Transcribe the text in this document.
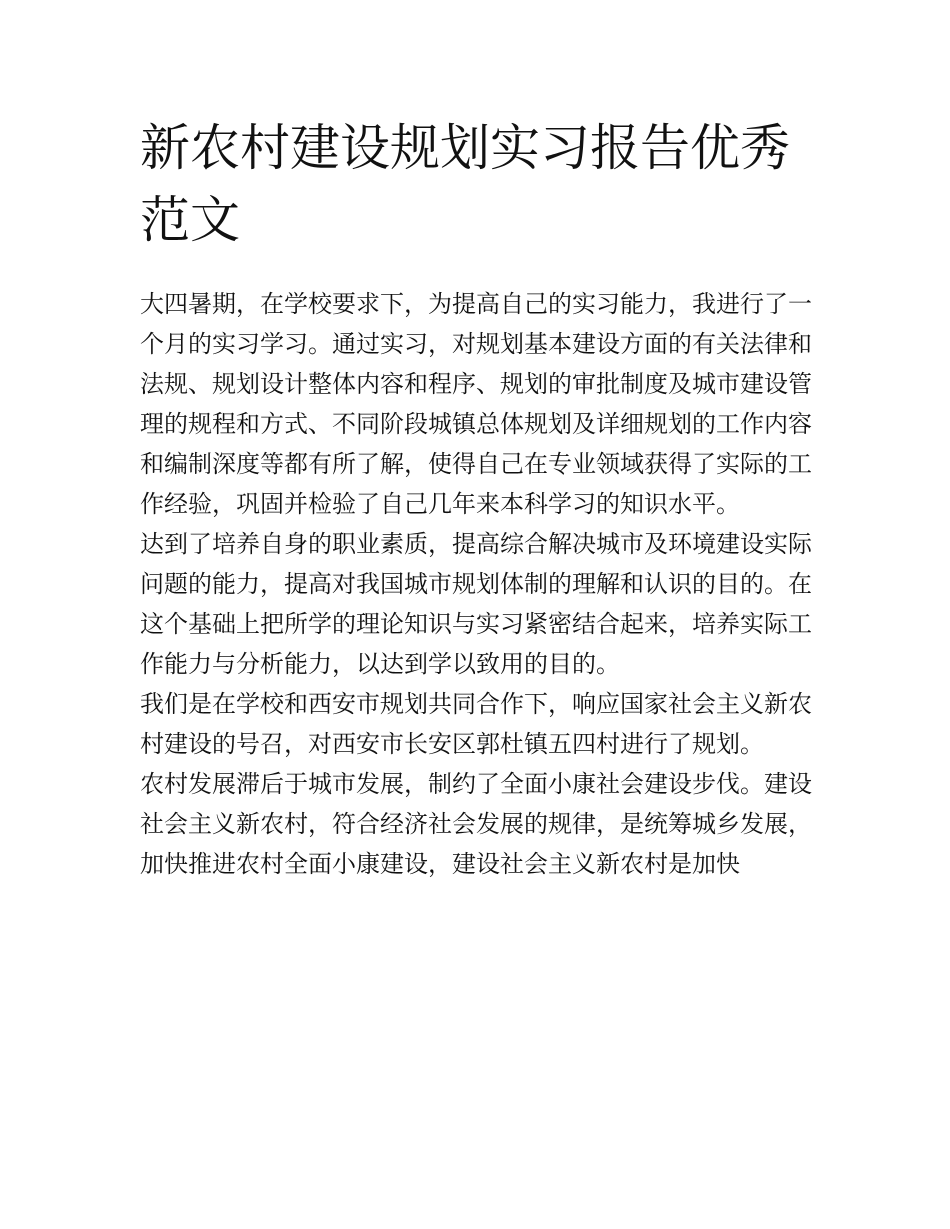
新农村建设规划实习报告优秀范文

大四暑期，在学校要求下，为提高自己的实习能力，我进行了一个月的实习学习。通过实习，对规划基本建设方面的有关法律和法规、规划设计整体内容和程序、规划的审批制度及城市建设管理的规程和方式、不同阶段城镇总体规划及详细规划的工作内容和编制深度等都有所了解，使得自己在专业领域获得了实际的工作经验，巩固并检验了自己几年来本科学习的知识水平。

达到了培养自身的职业素质，提高综合解决城市及环境建设实际问题的能力，提高对我国城市规划体制的理解和认识的目的。在这个基础上把所学的理论知识与实习紧密结合起来，培养实际工作能力与分析能力，以达到学以致用的目的。

我们是在学校和西安市规划共同合作下，响应国家社会主义新农村建设的号召，对西安市长安区郭杜镇五四村进行了规划。

农村发展滞后于城市发展，制约了全面小康社会建设步伐。建设社会主义新农村，符合经济社会发展的规律，是统筹城乡发展，加快推进农村全面小康建设，建设社会主义新农村是加快
